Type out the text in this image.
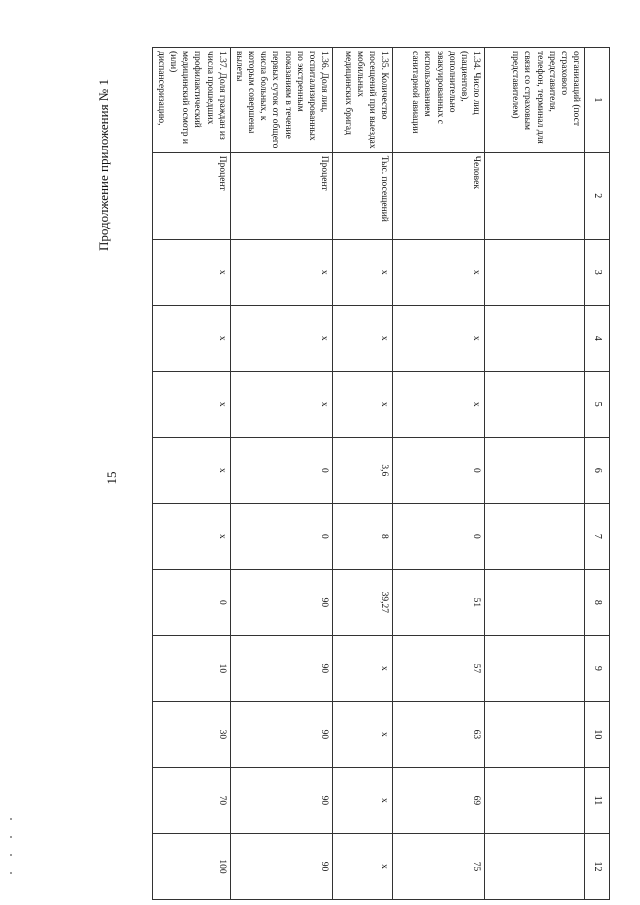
15
Продолжение приложения № 1	1	2	3	4	5	6	7	8	9	10	11	12
организаций (пост страхового представителя, телефон, терминал для связи со страховым представителем)											
1.34. Число лиц (пациентов), дополнительно эвакуированных с использованием санитарной авиации	Человек	х	х	х	0	0	51	57	63	69	75
1.35. Количество посещений при выездах мобильных медицинских бригад	Тыс. посещений	х	х	х	3,6	8	39,27	х	х	х	х
1.36. Доля лиц, госпитализированных по экстренным показаниям в течение первых суток от общего числа больных, к которым совершены вылеты	Процент	х	х	х	0	0	90	90	90	90	90
1.37. Доля граждан из числа прошедших профилактический медицинский осмотр и (или) диспансеризацию,	Процент	х	х	х	х	х	0	10	30	70	100
